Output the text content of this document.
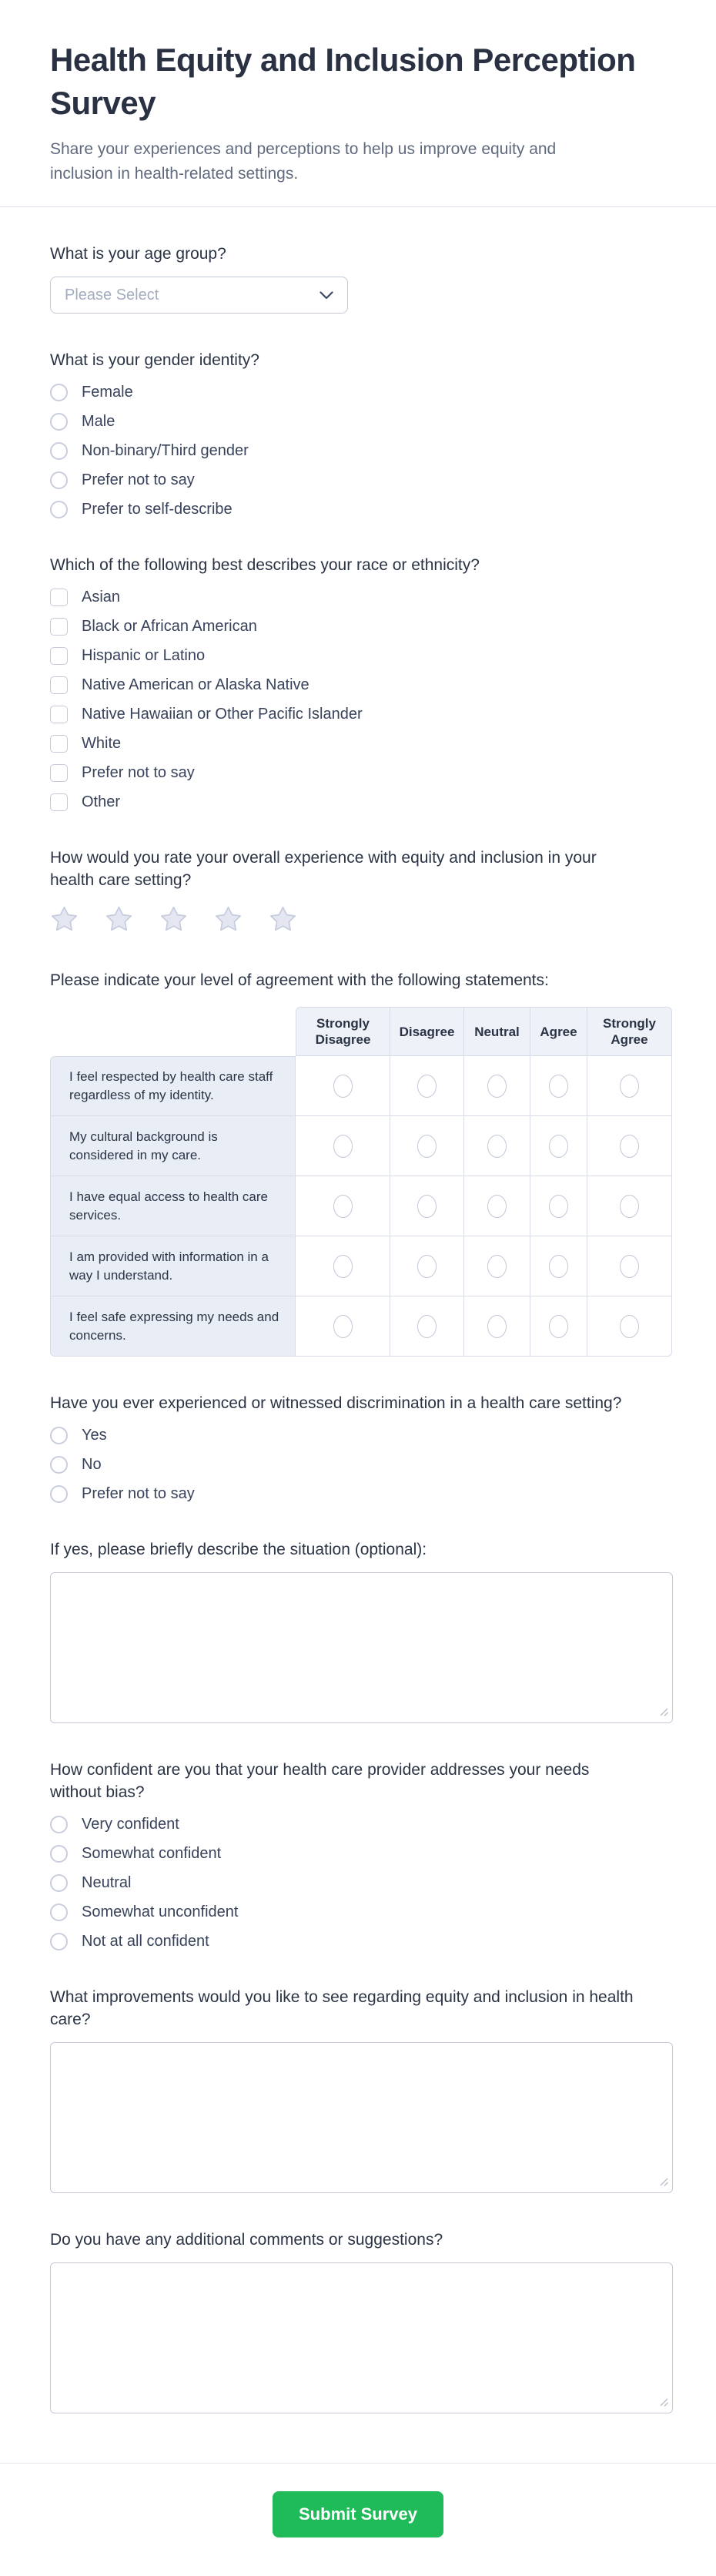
Health Equity and Inclusion Perception Survey

Share your experiences and perceptions to help us improve equity and inclusion in health-related settings.

What is your age group?
Please Select
What is your gender identity?
Female
Male
Non-binary/Third gender
Prefer not to say
Prefer to self-describe
Which of the following best describes your race or ethnicity?
Asian
Black or African American
Hispanic or Latino
Native American or Alaska Native
Native Hawaiian or Other Pacific Islander
White
Prefer not to say
Other
How would you rate your overall experience with equity and inclusion in your health care setting?
Please indicate your level of agreement with the following statements:
Strongly Disagree
Disagree	Neutral	Agree
Strongly Agree
I feel respected by health care staff regardless of my identity.
My cultural background is considered in my care.
I have equal access to health care services.
I am provided with information in a way I understand.
I feel safe expressing my needs and concerns.
Have you ever experienced or witnessed discrimination in a health care setting?
Yes
No
Prefer not to say
If yes, please briefly describe the situation (optional):
How confident are you that your health care provider addresses your needs without bias?
Very confident
Somewhat confident
Neutral
Somewhat unconfident
Not at all confident
What improvements would you like to see regarding equity and inclusion in health care?
Do you have any additional comments or suggestions?
Submit Survey
